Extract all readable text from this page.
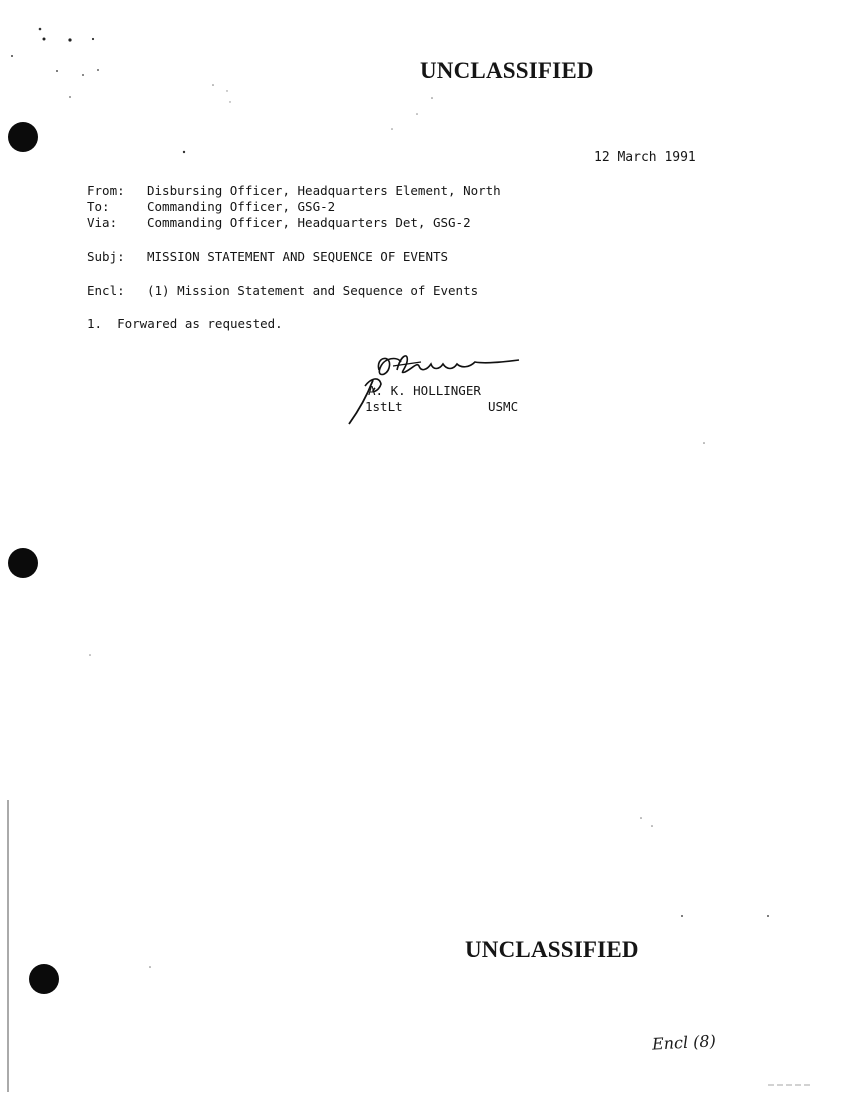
UNCLASSIFIED
12 March 1991
From: Disbursing Officer, Headquarters Element, North
To:	Commanding Officer, GSG-2
Via: Commanding Officer, Headquarters Det, GSG-2
Subj: MISSION STATEMENT AND SEQUENCE OF EVENTS
Encl: (1) Mission Statement and Sequence of Events
1.  Forwared as requested.
A. K. HOLLINGER
1stLt	USMC
UNCLASSIFIED
Encl (8)
